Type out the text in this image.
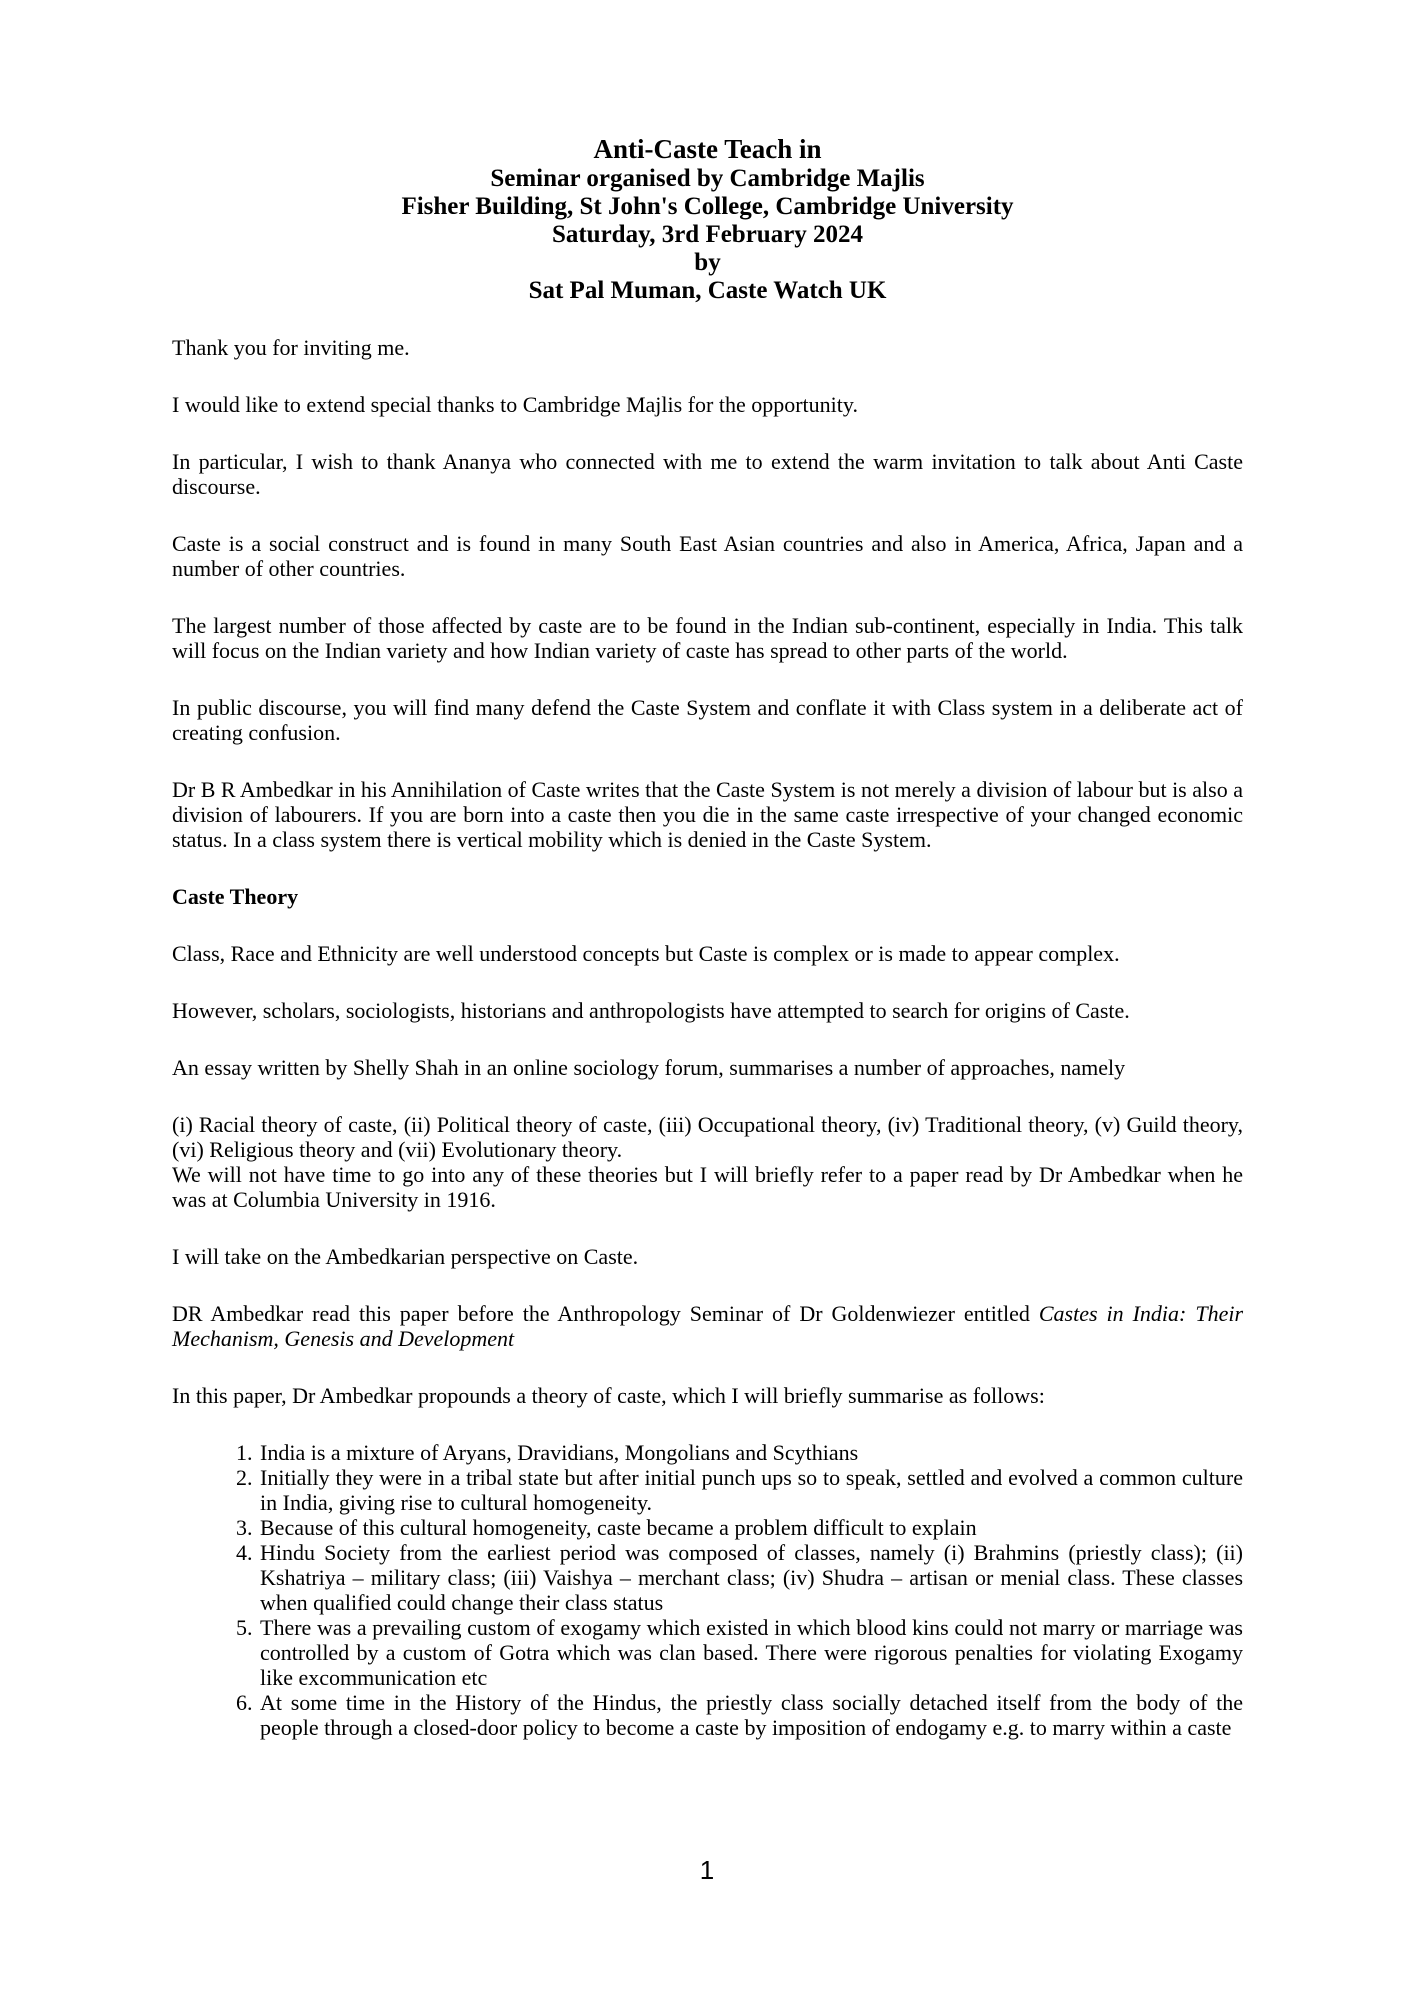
Anti-Caste Teach in
Seminar organised by Cambridge Majlis
Fisher Building, St John's College, Cambridge University
Saturday, 3rd February 2024
by
Sat Pal Muman, Caste Watch UK

Thank you for inviting me.

I would like to extend special thanks to Cambridge Majlis for the opportunity.

In particular, I wish to thank Ananya who connected with me to extend the warm invitation to talk about Anti Caste discourse.

Caste is a social construct and is found in many South East Asian countries and also in America, Africa, Japan and a number of other countries.

The largest number of those affected by caste are to be found in the Indian sub-continent, especially in India. This talk will focus on the Indian variety and how Indian variety of caste has spread to other parts of the world.

In public discourse, you will find many defend the Caste System and conflate it with Class system in a deliberate act of creating confusion.

Dr B R Ambedkar in his Annihilation of Caste writes that the Caste System is not merely a division of labour but is also a division of labourers. If you are born into a caste then you die in the same caste irrespective of your changed economic status. In a class system there is vertical mobility which is denied in the Caste System.

Caste Theory

Class, Race and Ethnicity are well understood concepts but Caste is complex or is made to appear complex.

However, scholars, sociologists, historians and anthropologists have attempted to search for origins of Caste.

An essay written by Shelly Shah in an online sociology forum, summarises a number of approaches, namely

(i) Racial theory of caste, (ii) Political theory of caste, (iii) Occupational theory, (iv) Traditional theory, (v) Guild theory, (vi) Religious theory and (vii) Evolutionary theory.
We will not have time to go into any of these theories but I will briefly refer to a paper read by Dr Ambedkar when he was at Columbia University in 1916.

I will take on the Ambedkarian perspective on Caste.

DR Ambedkar read this paper before the Anthropology Seminar of Dr Goldenwiezer entitled Castes in India: Their Mechanism, Genesis and Development

In this paper, Dr Ambedkar propounds a theory of caste, which I will briefly summarise as follows:

1. India is a mixture of Aryans, Dravidians, Mongolians and Scythians
2. Initially they were in a tribal state but after initial punch ups so to speak, settled and evolved a common culture in India, giving rise to cultural homogeneity.
3. Because of this cultural homogeneity, caste became a problem difficult to explain
4. Hindu Society from the earliest period was composed of classes, namely (i) Brahmins (priestly class); (ii) Kshatriya – military class; (iii) Vaishya – merchant class; (iv) Shudra – artisan or menial class. These classes when qualified could change their class status
5. There was a prevailing custom of exogamy which existed in which blood kins could not marry or marriage was controlled by a custom of Gotra which was clan based. There were rigorous penalties for violating Exogamy like excommunication etc
6. At some time in the History of the Hindus, the priestly class socially detached itself from the body of the people through a closed-door policy to become a caste by imposition of endogamy e.g. to marry within a caste
1
